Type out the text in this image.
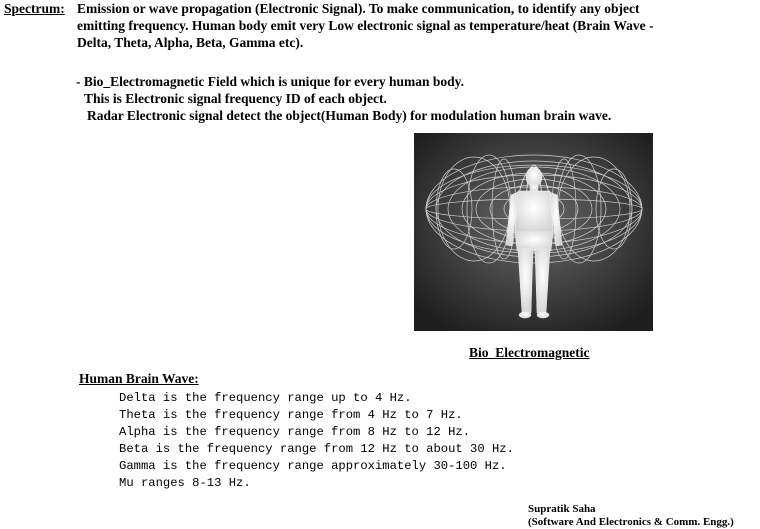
Spectrum: Emission or wave propagation (Electronic Signal). To make communication, to identify any object
emitting frequency. Human body emit very Low electronic signal as temperature/heat (Brain Wave -
Delta, Theta, Alpha, Beta, Gamma etc).
- Bio_Electromagnetic Field which is unique for every human body.
This is Electronic signal frequency ID of each object.
Radar Electronic signal detect the object(Human Body) for modulation human brain wave.
Bio_Electromagnetic
Human Brain Wave:
Delta is the frequency range up to 4 Hz.
Theta is the frequency range from 4 Hz to 7 Hz.
Alpha is the frequency range from 8 Hz to 12 Hz.
Beta is the frequency range from 12 Hz to about 30 Hz.
Gamma is the frequency range approximately 30-100 Hz.
Mu ranges 8-13 Hz.
Supratik Saha
(Software And Electronics & Comm. Engg.)
